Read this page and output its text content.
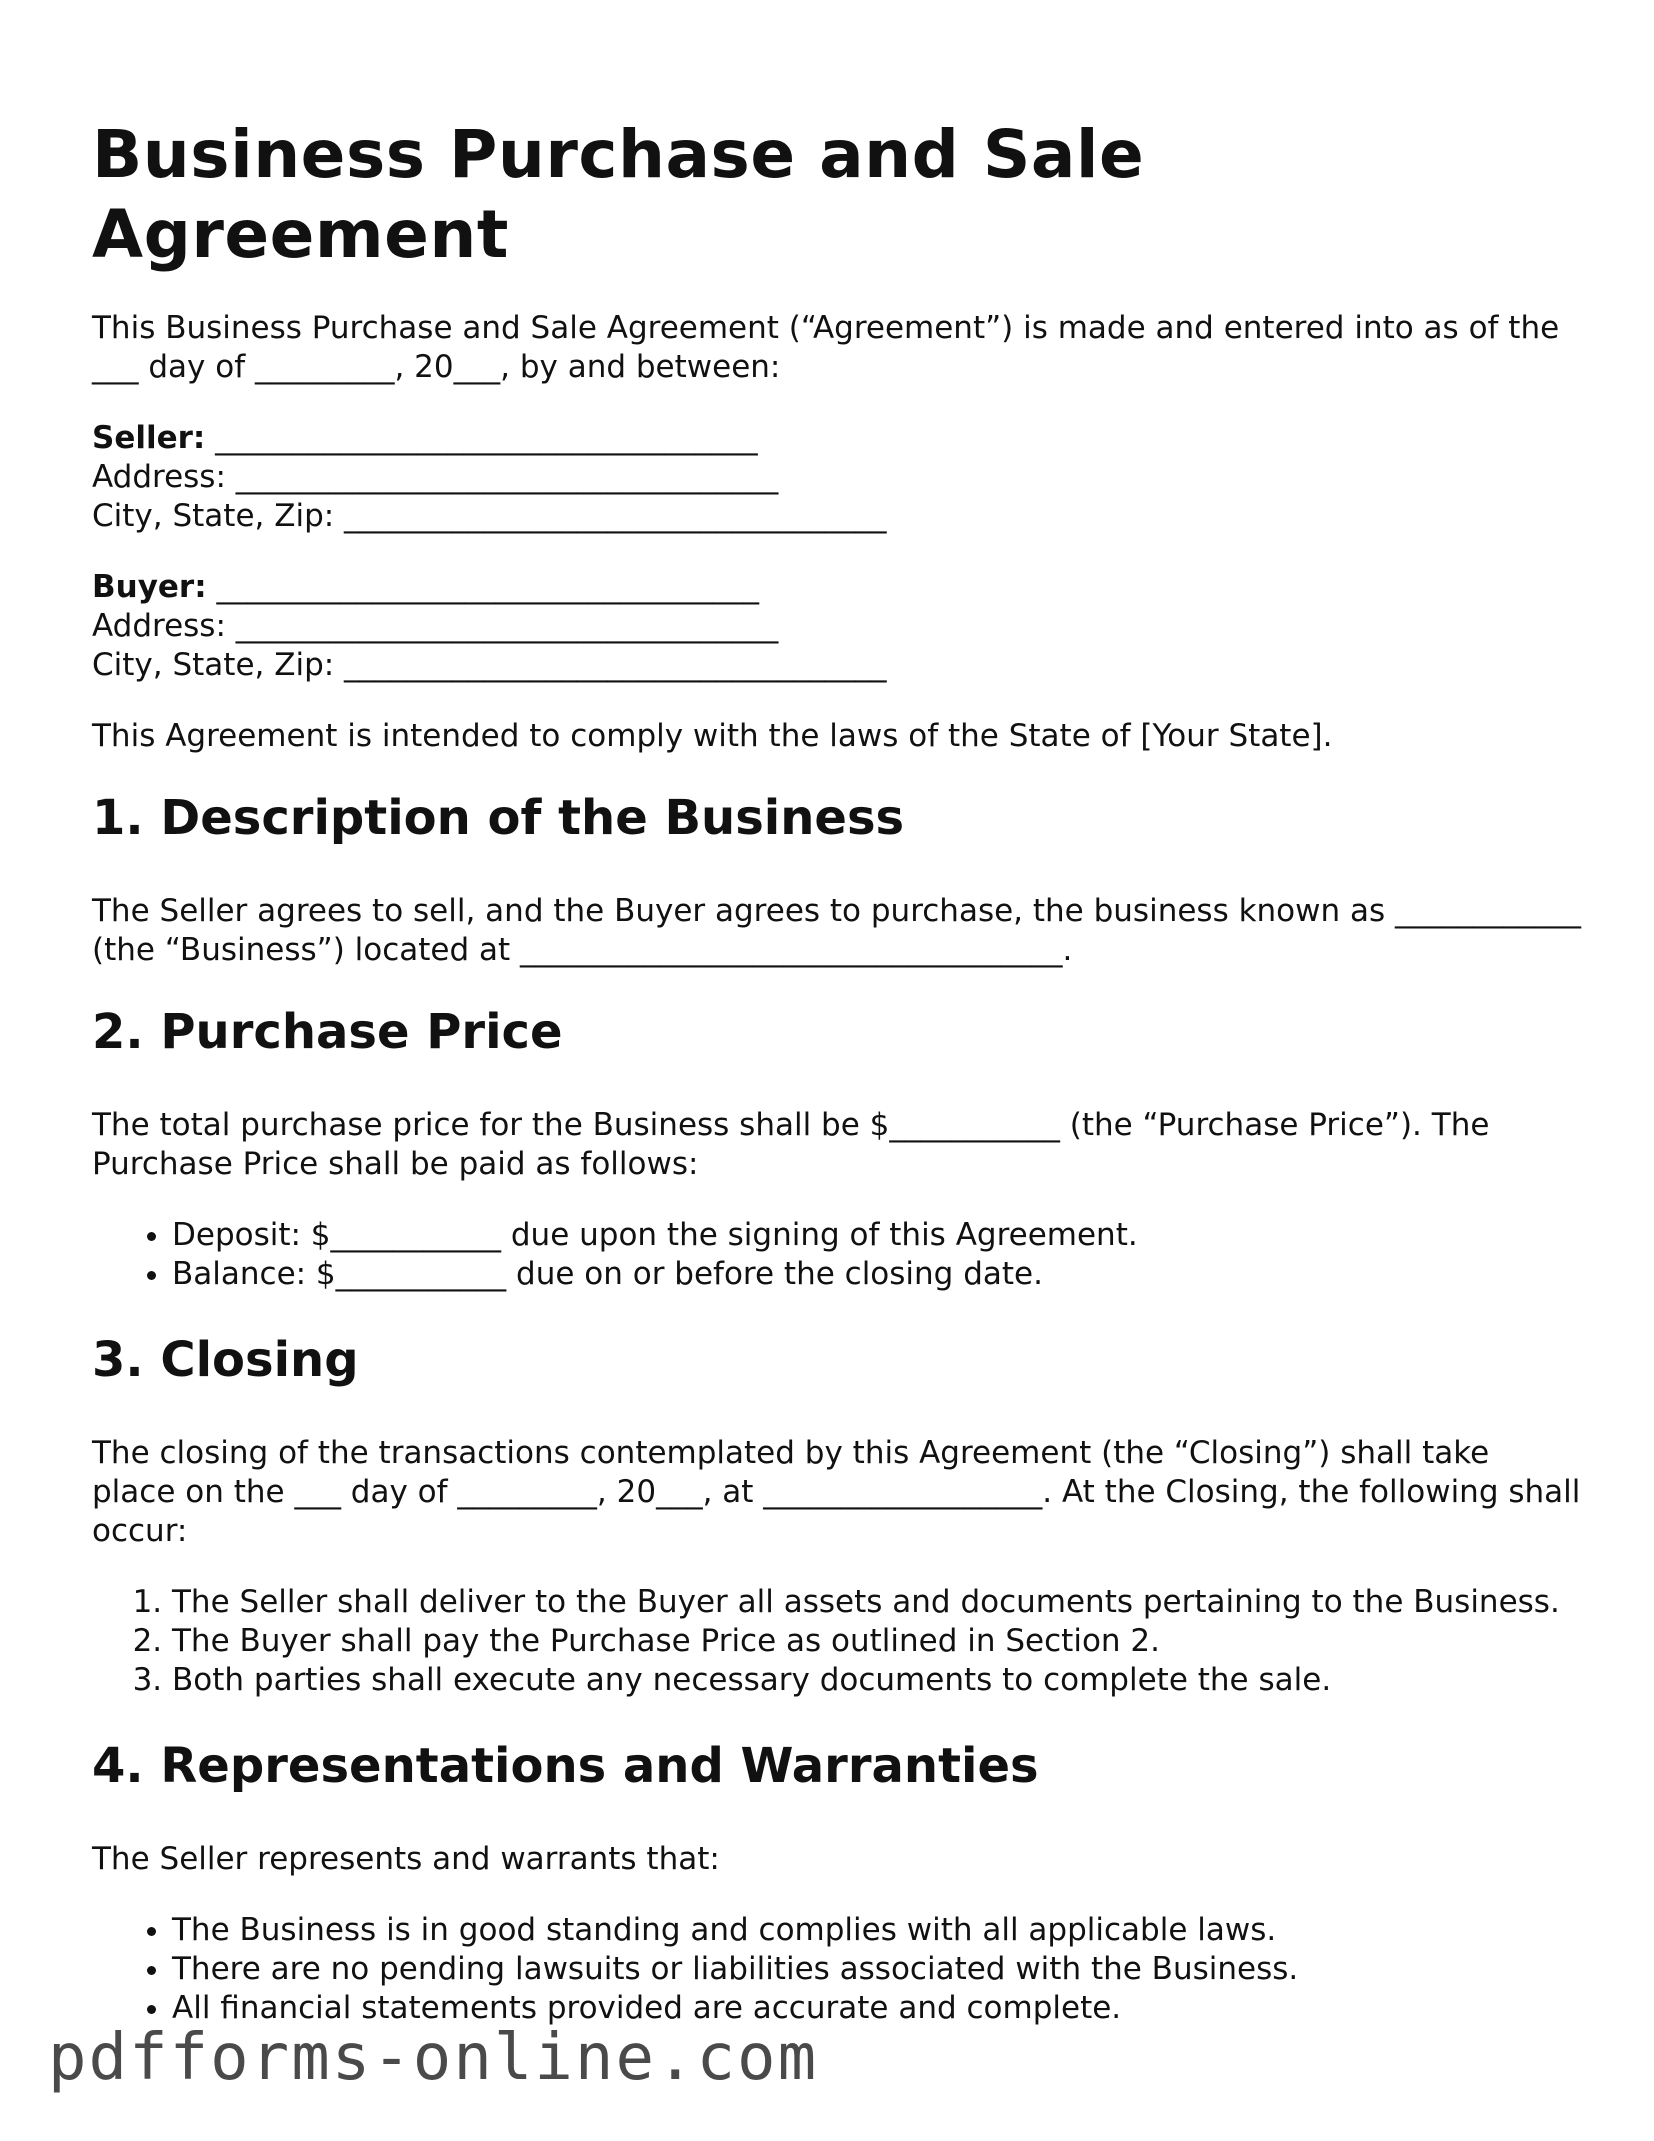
Business Purchase and Sale Agreement

This Business Purchase and Sale Agreement (“Agreement”) is made and entered into as of the ___ day of _________, 20___, by and between:

Seller: ___________________________________
Address: ___________________________________
City, State, Zip: ___________________________________
Buyer: ___________________________________
Address: ___________________________________
City, State, Zip: ___________________________________

This Agreement is intended to comply with the laws of the State of [Your State].

1. Description of the Business

The Seller agrees to sell, and the Buyer agrees to purchase, the business known as ____________ (the “Business”) located at ___________________________________.

2. Purchase Price

The total purchase price for the Business shall be $___________ (the “Purchase Price”). The Purchase Price shall be paid as follows:

• Deposit: $___________ due upon the signing of this Agreement.
• Balance: $___________ due on or before the closing date.
3. Closing

The closing of the transactions contemplated by this Agreement (the “Closing”) shall take place on the ___ day of _________, 20___, at __________________. At the Closing, the following shall occur:

1. The Seller shall deliver to the Buyer all assets and documents pertaining to the Business.
2. The Buyer shall pay the Purchase Price as outlined in Section 2.
3. Both parties shall execute any necessary documents to complete the sale.
4. Representations and Warranties

The Seller represents and warrants that:

• The Business is in good standing and complies with all applicable laws.
• There are no pending lawsuits or liabilities associated with the Business.
• All financial statements provided are accurate and complete.
pdfforms-online.com
